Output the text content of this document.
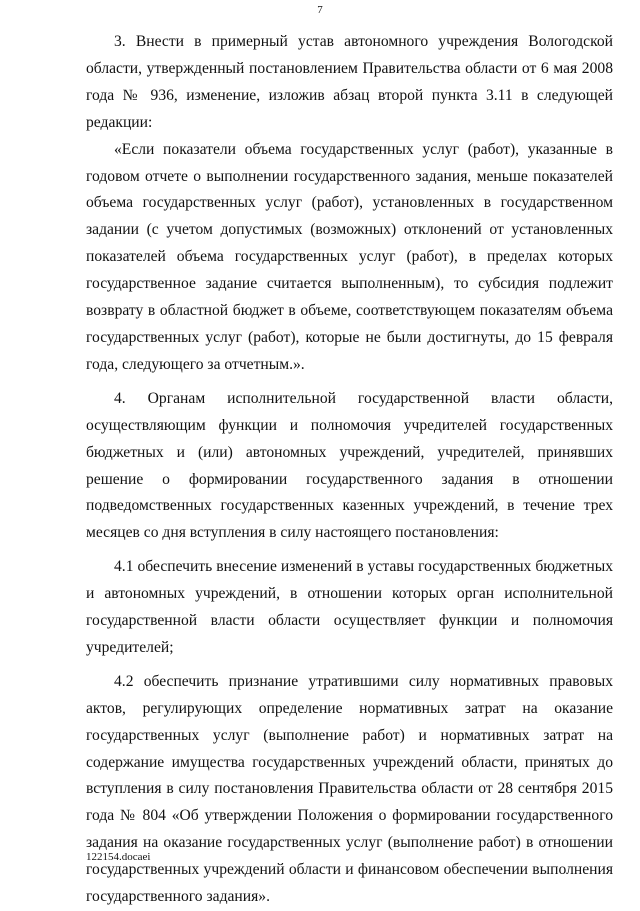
7

3. Внести в примерный устав автономного учреждения Вологодской области, утвержденный постановлением Правительства области от 6 мая 2008 года № 936, изменение, изложив абзац второй пункта 3.11 в следующей редакции:

«Если показатели объема государственных услуг (работ), указанные в годовом отчете о выполнении государственного задания, меньше показателей объема государственных услуг (работ), установленных в государственном задании (с учетом допустимых (возможных) отклонений от установленных показателей объема государственных услуг (работ), в пределах которых государственное задание считается выполненным), то субсидия подлежит возврату в областной бюджет в объеме, соответствующем показателям объема государственных услуг (работ), которые не были достигнуты, до 15 февраля года, следующего за отчетным.».

4. Органам исполнительной государственной власти области, осуществляющим функции и полномочия учредителей государственных бюджетных и (или) автономных учреждений, учредителей, принявших решение о формировании государственного задания в отношении подведомственных государственных казенных учреждений, в течение трех месяцев со дня вступления в силу настоящего постановления:

4.1 обеспечить внесение изменений в уставы государственных бюджетных и автономных учреждений, в отношении которых орган исполнительной государственной власти области осуществляет функции и полномочия учредителей;

4.2 обеспечить признание утратившими силу нормативных правовых актов, регулирующих определение нормативных затрат на оказание государственных услуг (выполнение работ) и нормативных затрат на содержание имущества государственных учреждений области, принятых до вступления в силу постановления Правительства области от 28 сентября 2015 года № 804 «Об утверждении Положения о формировании государственного задания на оказание государственных услуг (выполнение работ) в отношении государственных учреждений области и финансовом обеспечении выполнения государственного задания».

122154.docaei
